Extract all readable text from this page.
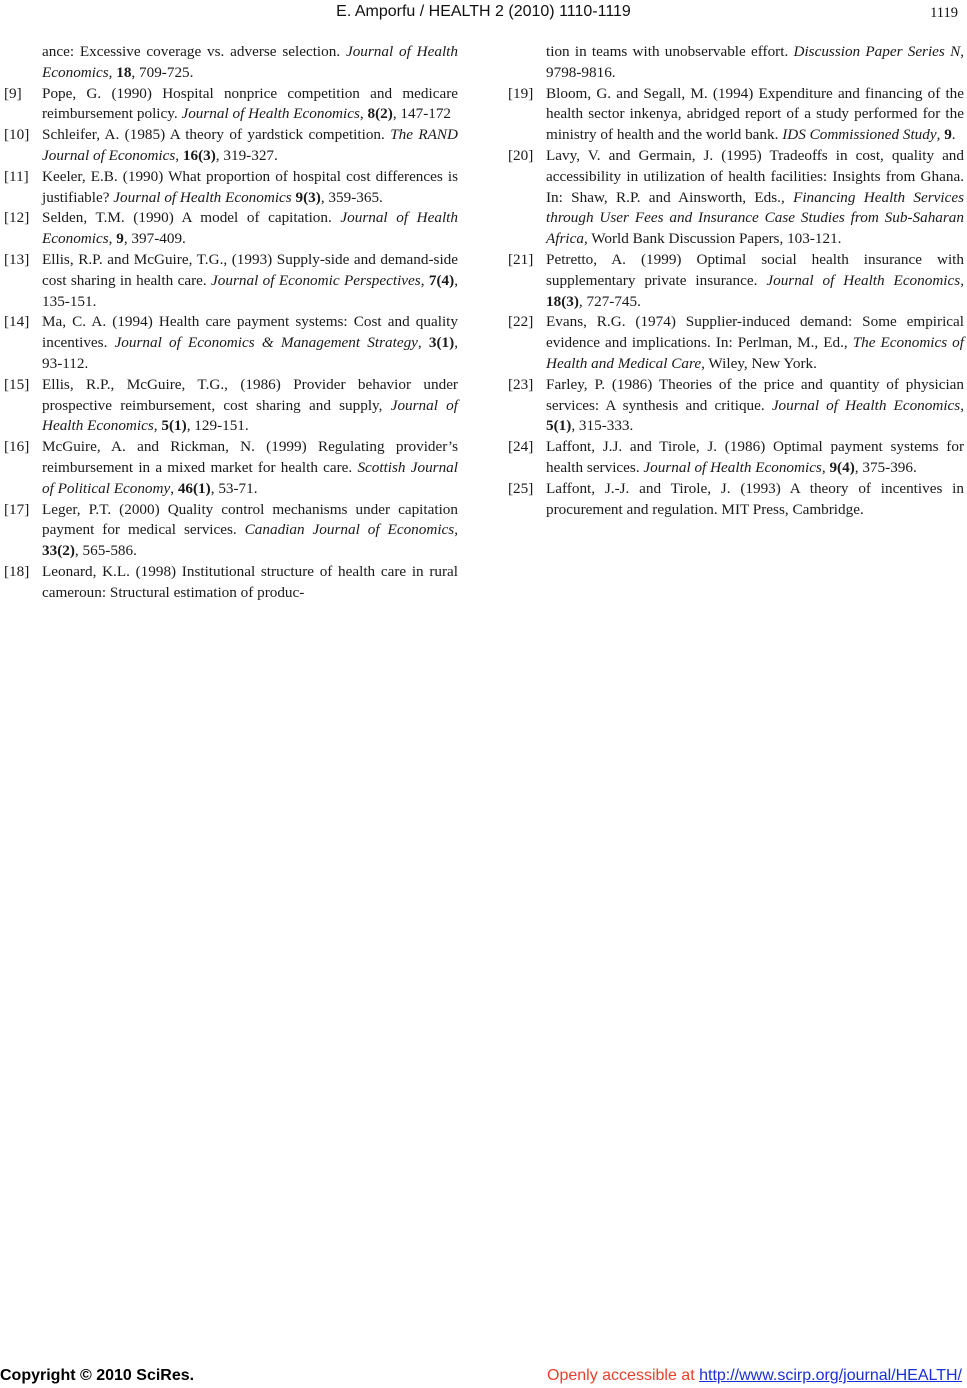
E. Amporfu / HEALTH 2 (2010) 1110-1119	1119
ance: Excessive coverage vs. adverse selection. Journal of Health Economics, 18, 709-725.
[9] Pope, G. (1990) Hospital nonprice competition and medicare reimbursement policy. Journal of Health Economics, 8(2), 147-172
[10] Schleifer, A. (1985) A theory of yardstick competition. The RAND Journal of Economics, 16(3), 319-327.
[11] Keeler, E.B. (1990) What proportion of hospital cost differences is justifiable? Journal of Health Economics 9(3), 359-365.
[12] Selden, T.M. (1990) A model of capitation. Journal of Health Economics, 9, 397-409.
[13] Ellis, R.P. and McGuire, T.G., (1993) Supply-side and demand-side cost sharing in health care. Journal of Economic Perspectives, 7(4), 135-151.
[14] Ma, C. A. (1994) Health care payment systems: Cost and quality incentives. Journal of Economics & Management Strategy, 3(1), 93-112.
[15] Ellis, R.P., McGuire, T.G., (1986) Provider behavior under prospective reimbursement, cost sharing and supply, Journal of Health Economics, 5(1), 129-151.
[16] McGuire, A. and Rickman, N. (1999) Regulating provider’s reimbursement in a mixed market for health care. Scottish Journal of Political Economy, 46(1), 53-71.
[17] Leger, P.T. (2000) Quality control mechanisms under capitation payment for medical services. Canadian Journal of Economics, 33(2), 565-586.
[18] Leonard, K.L. (1998) Institutional structure of health care in rural cameroun: Structural estimation of produc-
tion in teams with unobservable effort. Discussion Paper Series N, 9798-9816.
[19] Bloom, G. and Segall, M. (1994) Expenditure and financing of the health sector inkenya, abridged report of a study performed for the ministry of health and the world bank. IDS Commissioned Study, 9.
[20] Lavy, V. and Germain, J. (1995) Tradeoffs in cost, quality and accessibility in utilization of health facilities: Insights from Ghana. In: Shaw, R.P. and Ainsworth, Eds., Financing Health Services through User Fees and Insurance Case Studies from Sub-Saharan Africa, World Bank Discussion Papers, 103-121.
[21] Petretto, A. (1999) Optimal social health insurance with supplementary private insurance. Journal of Health Economics, 18(3), 727-745.
[22] Evans, R.G. (1974) Supplier-induced demand: Some empirical evidence and implications. In: Perlman, M., Ed., The Economics of Health and Medical Care, Wiley, New York.
[23] Farley, P. (1986) Theories of the price and quantity of physician services: A synthesis and critique. Journal of Health Economics, 5(1), 315-333.
[24] Laffont, J.J. and Tirole, J. (1986) Optimal payment systems for health services. Journal of Health Economics, 9(4), 375-396.
[25] Laffont, J.-J. and Tirole, J. (1993) A theory of incentives in procurement and regulation. MIT Press, Cambridge.
Copyright © 2010 SciRes.	Openly accessible at http://www.scirp.org/journal/HEALTH/
